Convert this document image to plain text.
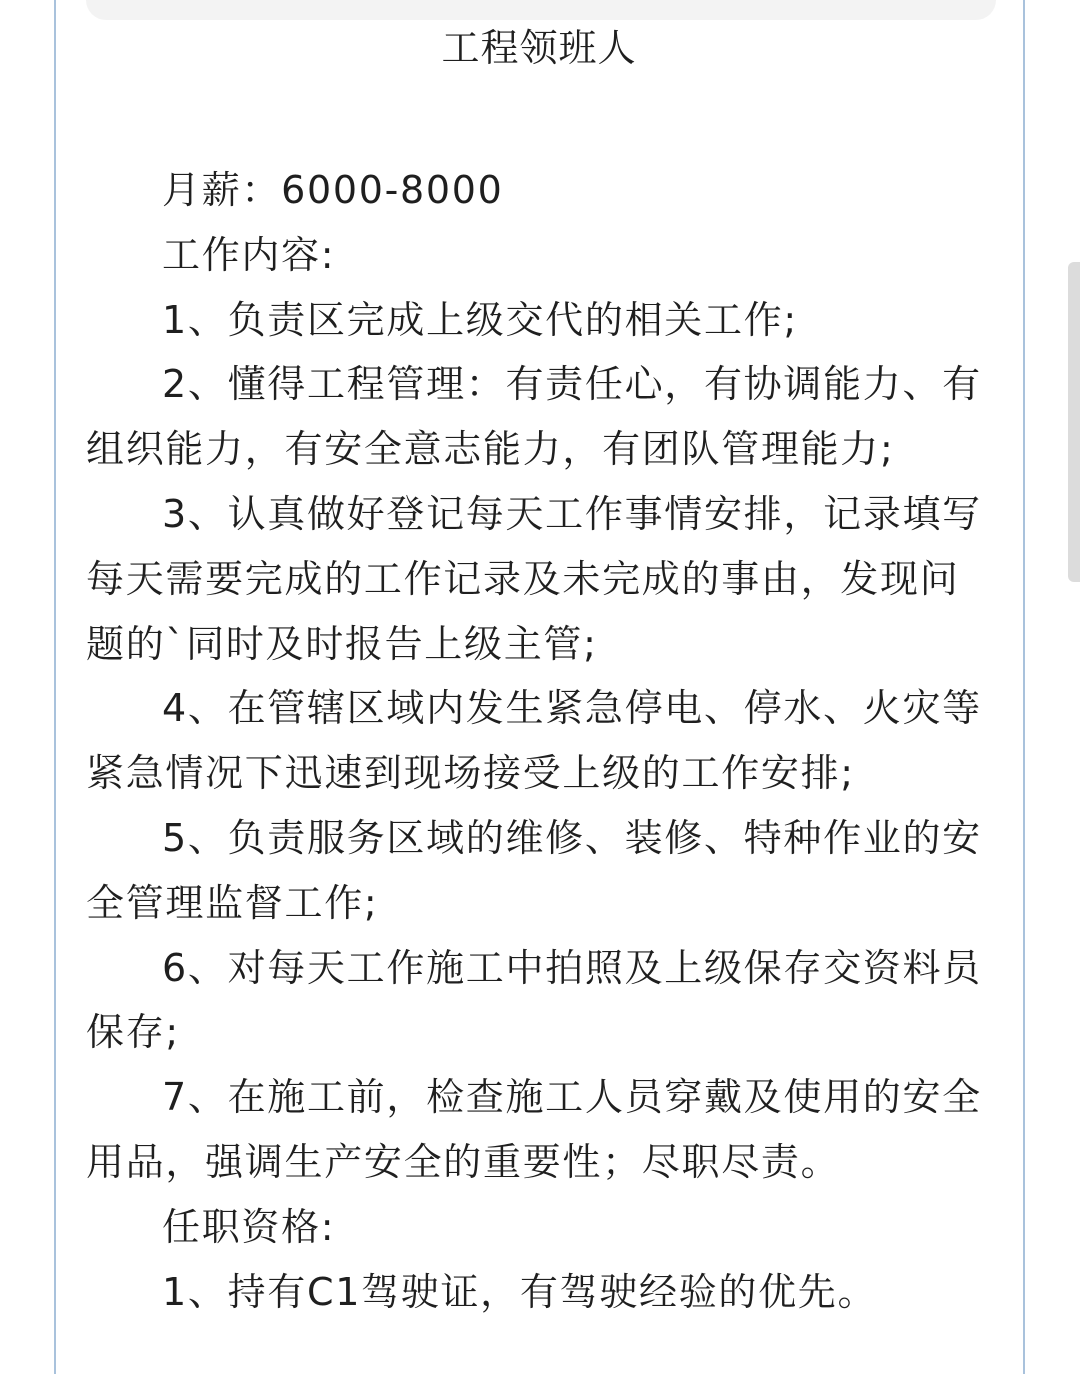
工程领班人

月薪：6000-8000

工作内容:

1、负责区完成上级交代的相关工作;

2、懂得工程管理：有责任心，有协调能力、有组织能力，有安全意志能力，有团队管理能力;

3、认真做好登记每天工作事情安排，记录填写每天需要完成的工作记录及未完成的事由，发现问题的`同时及时报告上级主管;

4、在管辖区域内发生紧急停电、停水、火灾等紧急情况下迅速到现场接受上级的工作安排;

5、负责服务区域的维修、装修、特种作业的安全管理监督工作;

6、对每天工作施工中拍照及上级保存交资料员保存;

7、在施工前，检查施工人员穿戴及使用的安全用品，强调生产安全的重要性；尽职尽责。

任职资格:

1、持有C1驾驶证，有驾驶经验的优先。
